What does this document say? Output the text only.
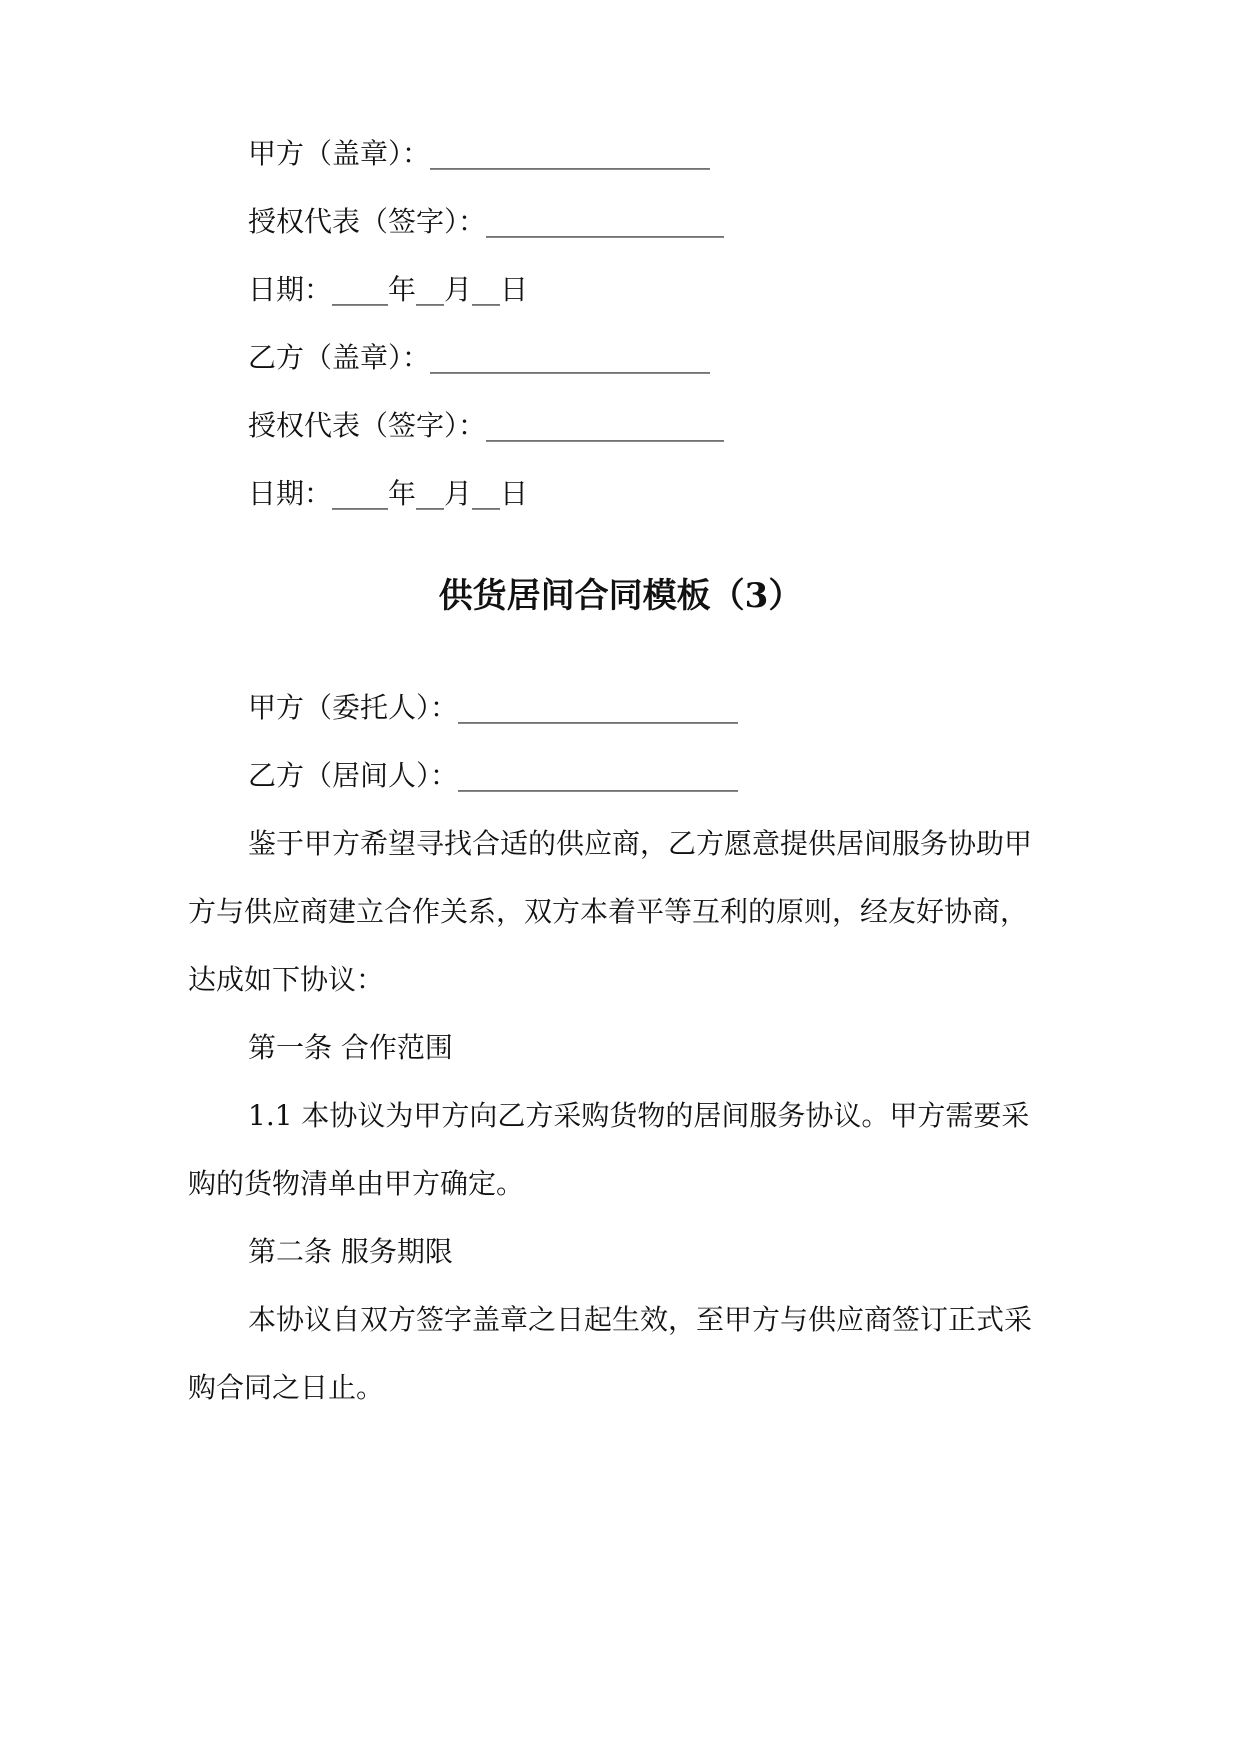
甲方（盖章）：____________________
授权代表（签字）：_________________
日期：____年__月__日
乙方（盖章）：____________________
授权代表（签字）：_________________
日期：____年__月__日
供货居间合同模板（3）
甲方（委托人）：____________________
乙方（居间人）：____________________
鉴于甲方希望寻找合适的供应商，乙方愿意提供居间服务协助甲
方与供应商建立合作关系，双方本着平等互利的原则，经友好协商，
达成如下协议：
第一条 合作范围
1.1 本协议为甲方向乙方采购货物的居间服务协议。甲方需要采
购的货物清单由甲方确定。
第二条 服务期限
本协议自双方签字盖章之日起生效，至甲方与供应商签订正式采
购合同之日止。
